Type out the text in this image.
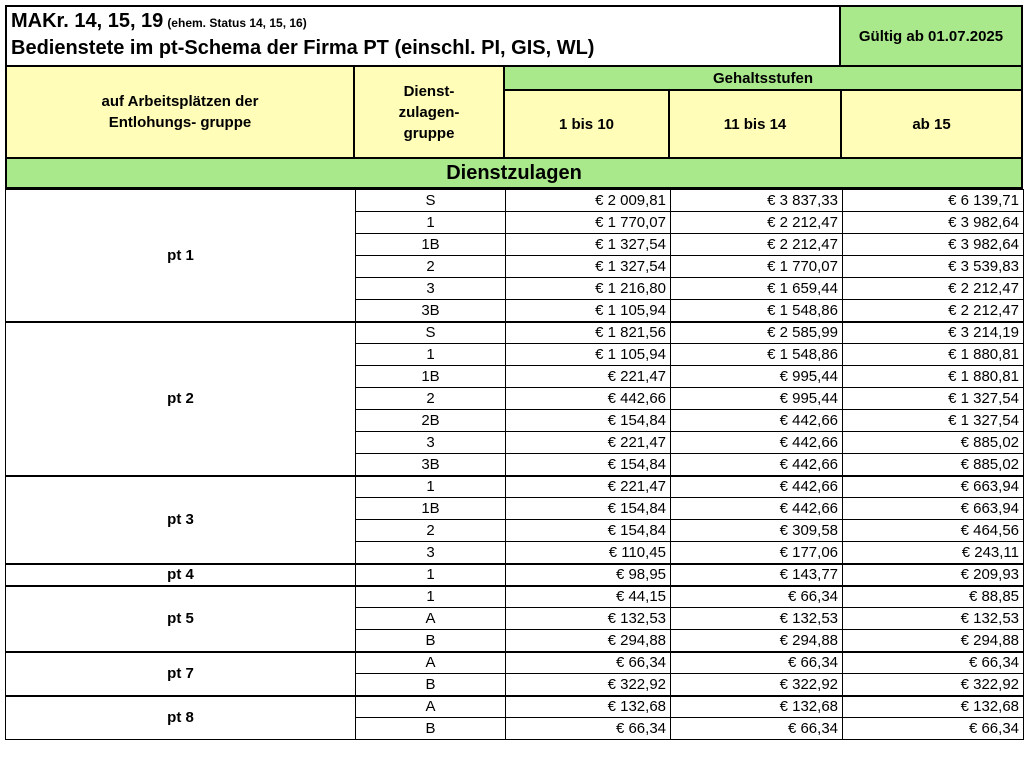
MAKr. 14, 15, 19 (ehem. Status 14, 15, 16)
Bedienstete im pt-Schema der Firma PT (einschl. PI, GIS, WL)
Gültig ab 01.07.2025
auf Arbeitsplätzen der Entlohungs- gruppe
Dienst- zulagen- gruppe
Gehaltsstufen
1 bis 10	11 bis 14	ab 15
Dienstzulagen
pt 1	S	€ 2 009,81	€ 3 837,33	€ 6 139,71
	1	€ 1 770,07	€ 2 212,47	€ 3 982,64
	1B	€ 1 327,54	€ 2 212,47	€ 3 982,64
	2	€ 1 327,54	€ 1 770,07	€ 3 539,83
	3	€ 1 216,80	€ 1 659,44	€ 2 212,47
	3B	€ 1 105,94	€ 1 548,86	€ 2 212,47
pt 2	S	€ 1 821,56	€ 2 585,99	€ 3 214,19
	1	€ 1 105,94	€ 1 548,86	€ 1 880,81
	1B	€ 221,47	€ 995,44	€ 1 880,81
	2	€ 442,66	€ 995,44	€ 1 327,54
	2B	€ 154,84	€ 442,66	€ 1 327,54
	3	€ 221,47	€ 442,66	€ 885,02
	3B	€ 154,84	€ 442,66	€ 885,02
pt 3	1	€ 221,47	€ 442,66	€ 663,94
	1B	€ 154,84	€ 442,66	€ 663,94
	2	€ 154,84	€ 309,58	€ 464,56
	3	€ 110,45	€ 177,06	€ 243,11
pt 4	1	€ 98,95	€ 143,77	€ 209,93
pt 5	1	€ 44,15	€ 66,34	€ 88,85
	A	€ 132,53	€ 132,53	€ 132,53
	B	€ 294,88	€ 294,88	€ 294,88
pt 7	A	€ 66,34	€ 66,34	€ 66,34
	B	€ 322,92	€ 322,92	€ 322,92
pt 8	A	€ 132,68	€ 132,68	€ 132,68
	B	€ 66,34	€ 66,34	€ 66,34
